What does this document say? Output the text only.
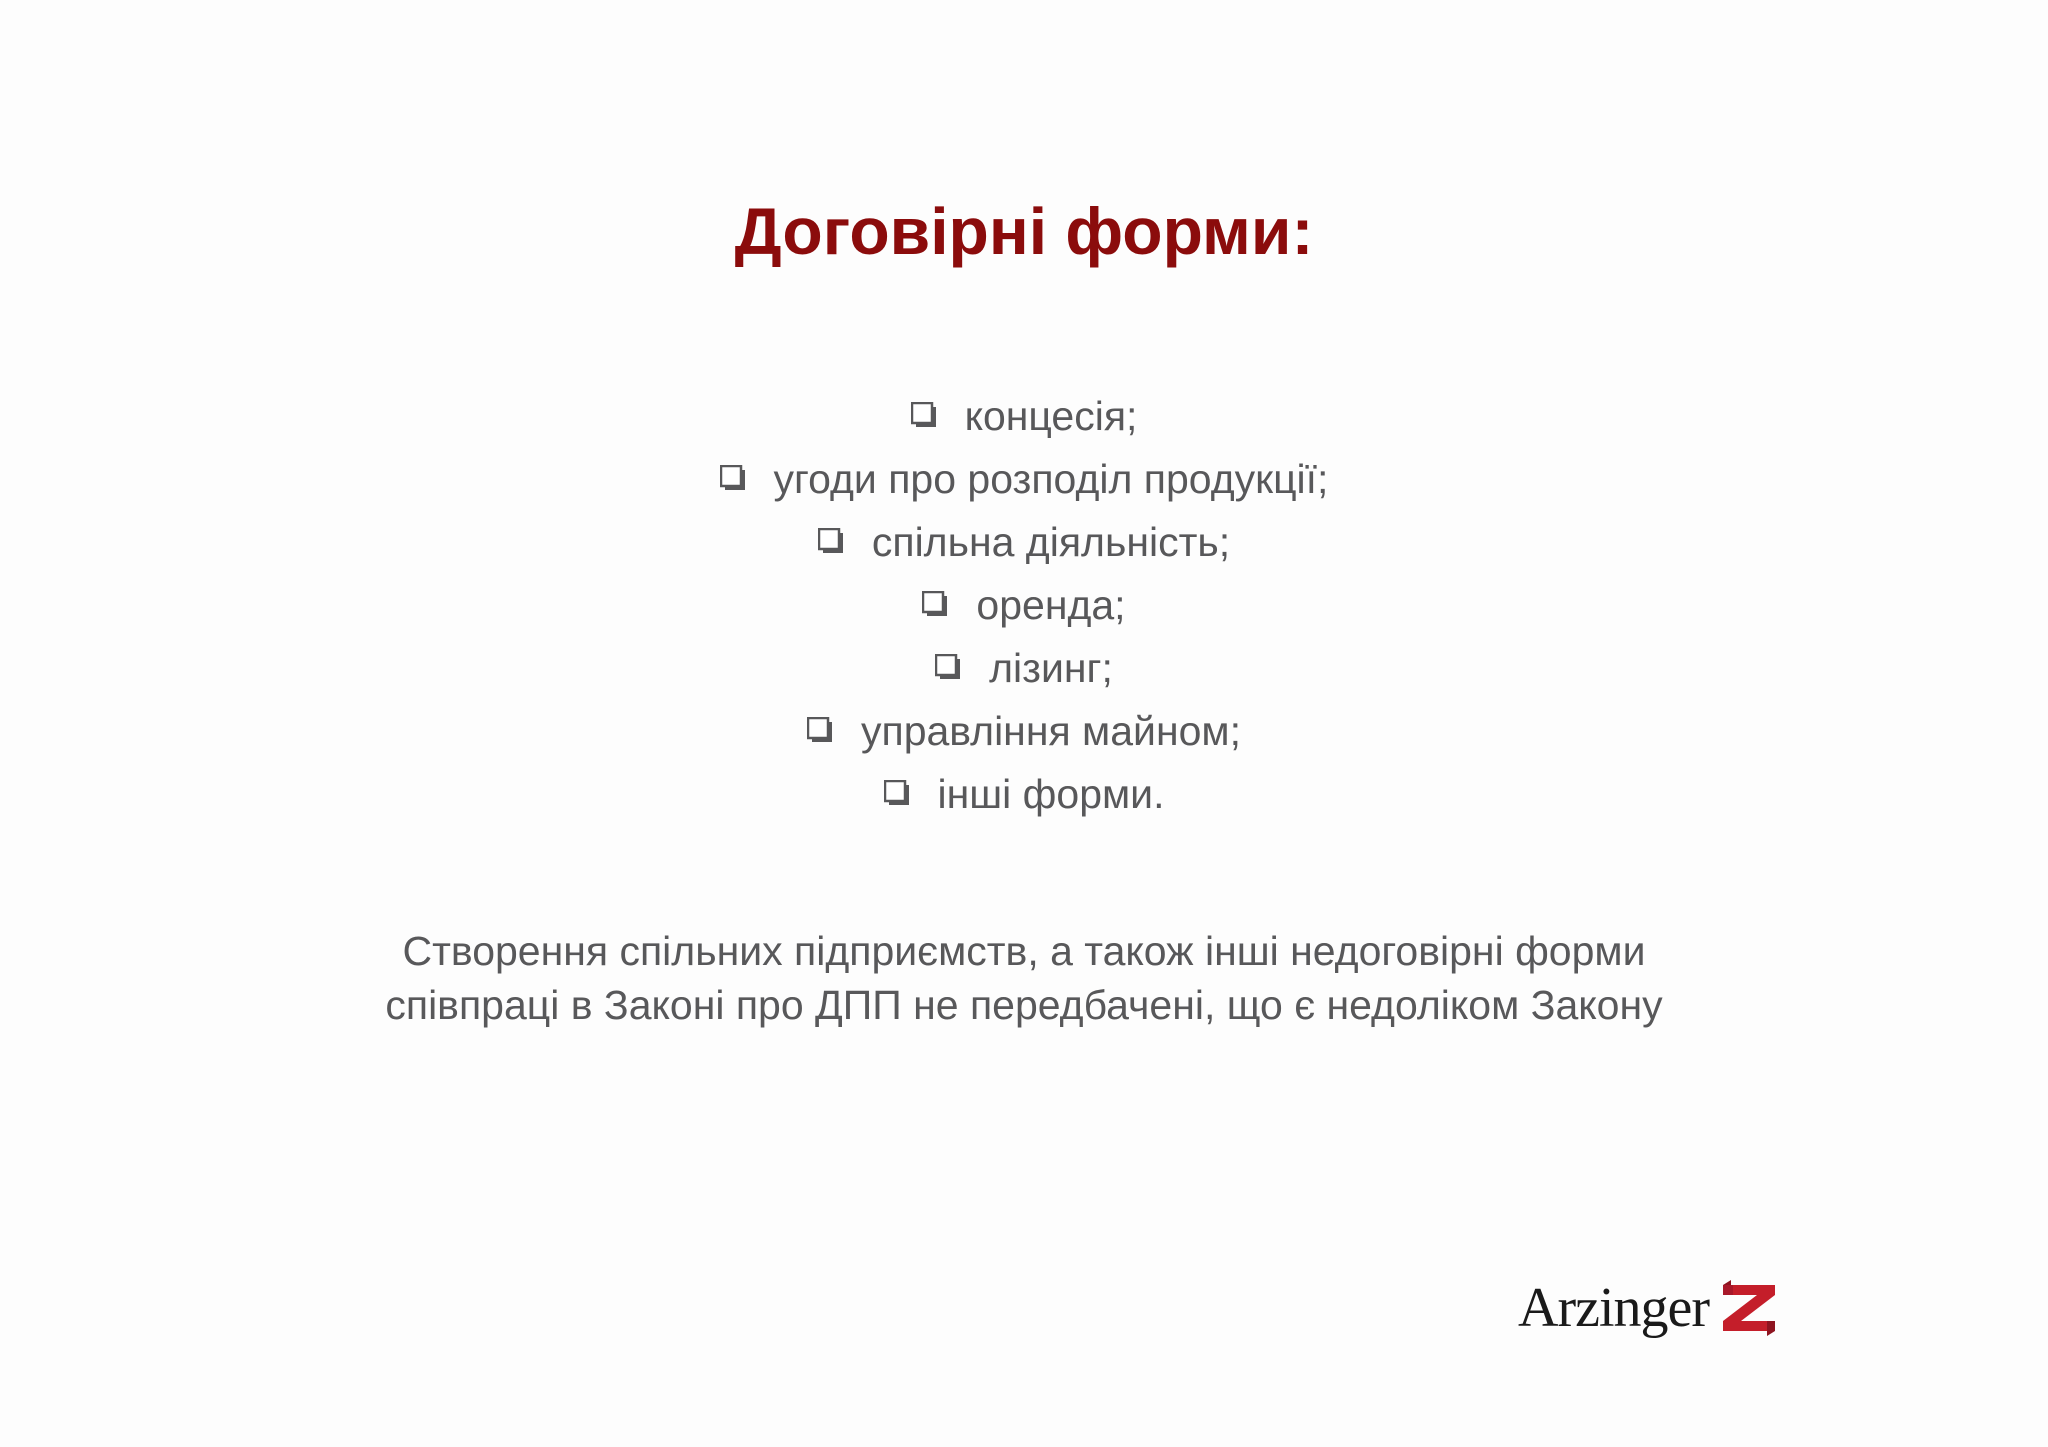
Договірні форми:
концесія;
угоди про розподіл продукції;
спільна діяльність;
оренда;
лізинг;
управління майном;
інші форми.
Створення спільних підприємств, а також інші недоговірні форми
співпраці в Законі про ДПП не передбачені, що є недоліком Закону
Arzinger
